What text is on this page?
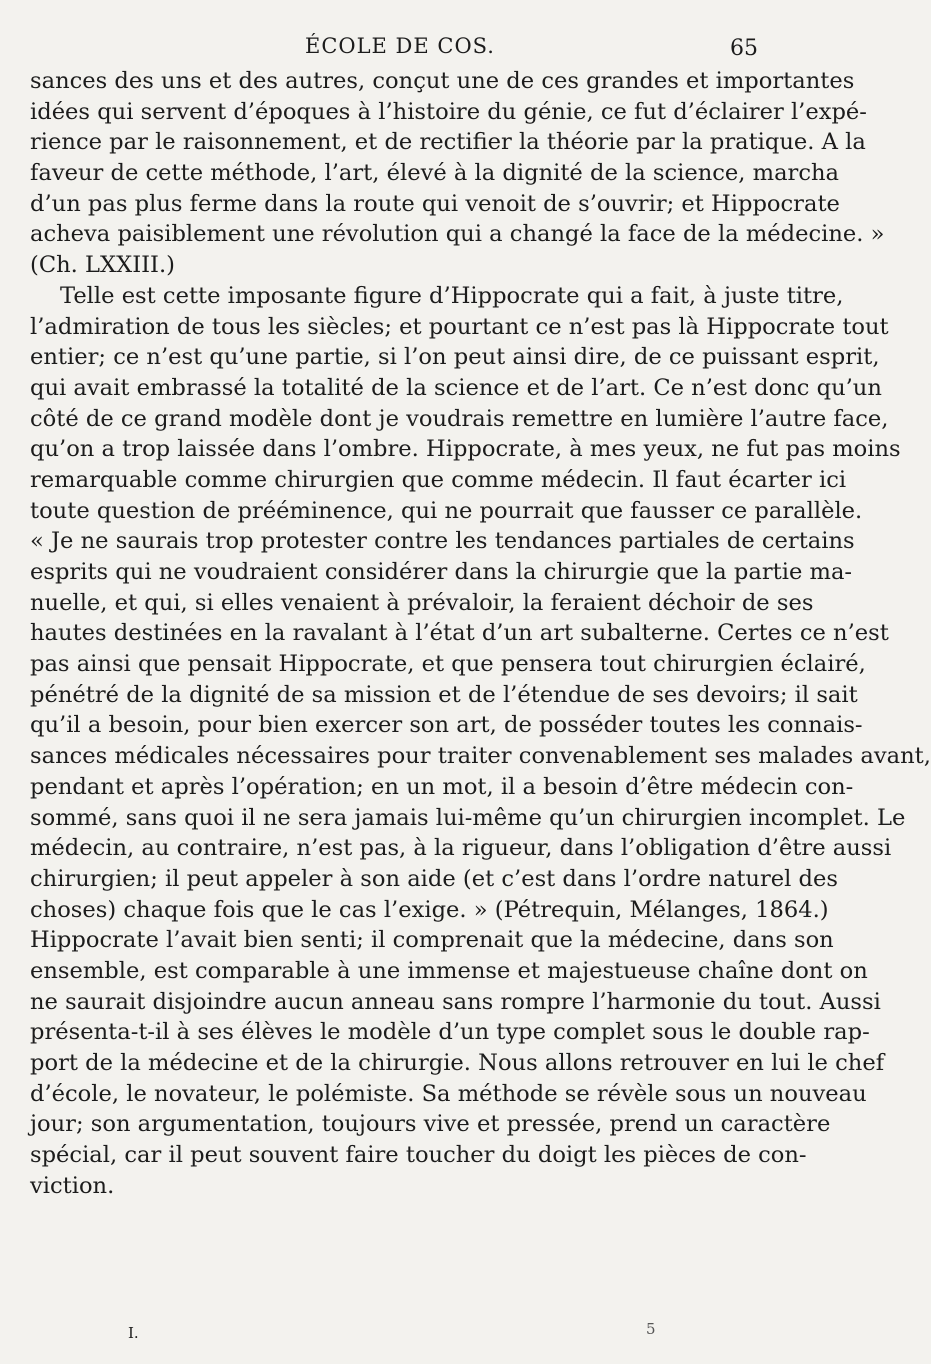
ÉCOLE DE COS.	65
sances des uns et des autres, conçut une de ces grandes et importantes
idées qui servent d’époques à l’histoire du génie, ce fut d’éclairer l’expé-
rience par le raisonnement, et de rectifier la théorie par la pratique. A la
faveur de cette méthode, l’art, élevé à la dignité de la science, marcha
d’un pas plus ferme dans la route qui venoit de s’ouvrir; et Hippocrate
acheva paisiblement une révolution qui a changé la face de la médecine. »
(Ch. LXXIII.)
Telle est cette imposante figure d’Hippocrate qui a fait, à juste titre,
l’admiration de tous les siècles; et pourtant ce n’est pas là Hippocrate tout
entier; ce n’est qu’une partie, si l’on peut ainsi dire, de ce puissant esprit,
qui avait embrassé la totalité de la science et de l’art. Ce n’est donc qu’un
côté de ce grand modèle dont je voudrais remettre en lumière l’autre face,
qu’on a trop laissée dans l’ombre. Hippocrate, à mes yeux, ne fut pas moins
remarquable comme chirurgien que comme médecin. Il faut écarter ici
toute question de prééminence, qui ne pourrait que fausser ce parallèle.
« Je ne saurais trop protester contre les tendances partiales de certains
esprits qui ne voudraient considérer dans la chirurgie que la partie ma-
nuelle, et qui, si elles venaient à prévaloir, la feraient déchoir de ses
hautes destinées en la ravalant à l’état d’un art subalterne. Certes ce n’est
pas ainsi que pensait Hippocrate, et que pensera tout chirurgien éclairé,
pénétré de la dignité de sa mission et de l’étendue de ses devoirs; il sait
qu’il a besoin, pour bien exercer son art, de posséder toutes les connais-
sances médicales nécessaires pour traiter convenablement ses malades avant,
pendant et après l’opération; en un mot, il a besoin d’être médecin con-
sommé, sans quoi il ne sera jamais lui-même qu’un chirurgien incomplet. Le
médecin, au contraire, n’est pas, à la rigueur, dans l’obligation d’être aussi
chirurgien; il peut appeler à son aide (et c’est dans l’ordre naturel des
choses) chaque fois que le cas l’exige. » (Pétrequin, Mélanges, 1864.)
Hippocrate l’avait bien senti; il comprenait que la médecine, dans son
ensemble, est comparable à une immense et majestueuse chaîne dont on
ne saurait disjoindre aucun anneau sans rompre l’harmonie du tout. Aussi
présenta-t-il à ses élèves le modèle d’un type complet sous le double rap-
port de la médecine et de la chirurgie. Nous allons retrouver en lui le chef
d’école, le novateur, le polémiste. Sa méthode se révèle sous un nouveau
jour; son argumentation, toujours vive et pressée, prend un caractère
spécial, car il peut souvent faire toucher du doigt les pièces de con-
viction.
I.	5
